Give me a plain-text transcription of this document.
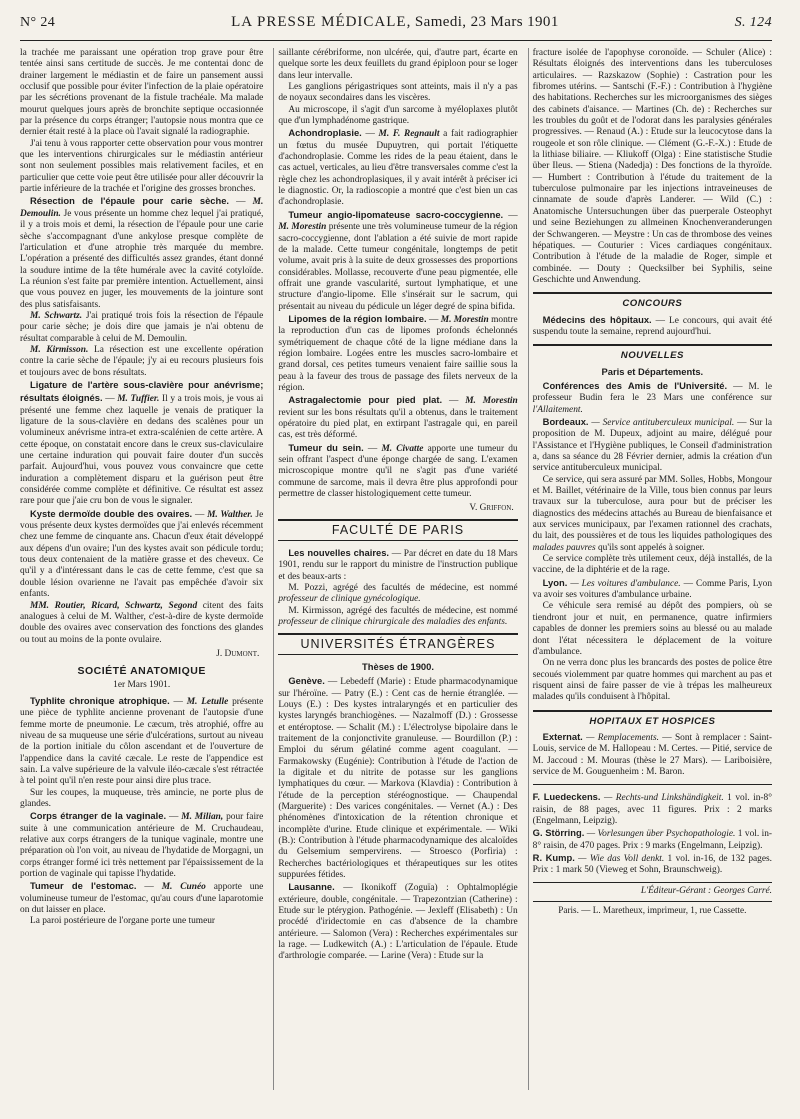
N° 24	LA PRESSE MÉDICALE, Samedi, 23 Mars 1901	S. 124

la trachée me paraissant une opération trop grave pour être tentée ainsi sans certitude de succès. Je me contentai donc de drainer largement le médiastin et de faire un pansement aussi occlusif que possible pour éviter l'infection de la plaie opératoire par les sécrétions provenant de la fistule trachéale. Ma malade mourut quelques jours après de bronchite septique occasionnée par la présence du corps étranger; l'autopsie nous montra que ce dernier était resté à la place où l'avait signalé la radiographie.

J'ai tenu à vous rapporter cette observation pour vous montrer que les interventions chirurgicales sur le médiastin antérieur sont non seulement possibles mais relativement faciles, et en particulier que cette voie peut être utilisée pour aller découvrir la partie inférieure de la trachée et l'origine des grosses bronches.

Résection de l'épaule pour carie sèche. — M. Demoulin. Je vous présente un homme chez lequel j'ai pratiqué, il y a trois mois et demi, la résection de l'épaule pour une carie sèche s'accompagnant d'une ankylose presque complète de l'articulation et d'une atrophie très marquée du membre. L'opération a présenté des difficultés assez grandes, étant donné la soudure intime de la tête humérale avec la cavité cotyloïde. La réunion s'est faite par première intention. Actuellement, ainsi que vous pouvez en juger, les mouvements de la jointure sont des plus satisfaisants.

M. Schwartz. J'ai pratiqué trois fois la résection de l'épaule pour carie sèche; je dois dire que jamais je n'ai obtenu de résultat comparable à celui de M. Demoulin.

M. Kirmisson. La résection est une excellente opération contre la carie sèche de l'épaule; j'y ai eu recours plusieurs fois et toujours avec de bons résultats.

Ligature de l'artère sous-clavière pour anévrisme; résultats éloignés. — M. Tuffier. Il y a trois mois, je vous ai présenté une femme chez laquelle je venais de pratiquer la ligature de la sous-clavière en dedans des scalènes pour un volumineux anévrisme intra-et extra-scalénien de cette artère. A cette époque, on constatait encore dans le creux sus-claviculaire une certaine induration qui pouvait faire douter d'un succès parfait. Aujourd'hui, vous pouvez vous convaincre que cette induration a complètement disparu et la guérison peut être considérée comme complète et définitive. Ce résultat est assez rare pour que j'aie cru bon de vous le signaler.

Kyste dermoïde double des ovaires. — M. Walther. Je vous présente deux kystes dermoïdes que j'ai enlevés récemment chez une femme de cinquante ans. Chacun d'eux était développé aux dépens d'un ovaire; l'un des kystes avait son pédicule tordu; tous deux contenaient de la matière grasse et des cheveux. Ce qu'il y a d'intéressant dans le cas de cette femme, c'est que sa double lésion ovarienne ne l'avait pas empêchée d'avoir six enfants.

MM. Routier, Ricard, Schwartz, Segond citent des faits analogues à celui de M. Walther, c'est-à-dire de kyste dermoïde double des ovaires avec conservation des fonctions des glandes ou tout au moins de la ponte ovulaire.

J. Dumont.
SOCIÉTÉ ANATOMIQUE
1er Mars 1901.

Typhlite chronique atrophique. — M. Letulle présente une pièce de typhlite ancienne provenant de l'autopsie d'une femme morte de pneumonie. Le cæcum, très atrophié, offre au niveau de sa muqueuse une série d'ulcérations, surtout au niveau de la portion initiale du côlon ascendant et de l'ouverture de l'appendice dans la cavité cæcale. Le reste de l'appendice est sain. La valve supérieure de la valvule iléo-cæcale s'est rétractée à tel point qu'il n'en reste pour ainsi dire plus trace.

Sur les coupes, la muqueuse, très amincie, ne porte plus de glandes.

Corps étranger de la vaginale. — M. Milian, pour faire suite à une communication antérieure de M. Cruchaudeau, relative aux corps étrangers de la tunique vaginale, montre une préparation où l'on voit, au niveau de l'hydatide de Morgagni, un corps étranger formé ici très nettement par l'épaississement de la portion de vaginale qui tapisse l'hydatide.

Tumeur de l'estomac. — M. Cunéo apporte une volumineuse tumeur de l'estomac, qu'au cours d'une laparotomie on dut laisser en place.

La paroi postérieure de l'organe porte une tumeur

saillante cérébriforme, non ulcérée, qui, d'autre part, écarte en quelque sorte les deux feuillets du grand épiploon pour se loger dans leur intervalle.

Les ganglions périgastriques sont atteints, mais il n'y a pas de noyaux secondaires dans les viscères.

Au microscope, il s'agit d'un sarcome à myéloplaxes plutôt que d'un lymphadénome gastrique.

Achondroplasie. — M. F. Regnault a fait radiographier un fœtus du musée Dupuytren, qui portait l'étiquette d'achondroplasie. Comme les rides de la peau étaient, dans le cas actuel, verticales, au lieu d'être transversales comme c'est la règle chez les achondroplasiques, il y avait intérêt à préciser ici le diagnostic. Or, la radioscopie a montré que c'est bien un cas d'achondroplasie.

Tumeur angio-lipomateuse sacro-coccygienne. — M. Morestin présente une très volumineuse tumeur de la région sacro-coccygienne, dont l'ablation a été suivie de mort rapide de la malade. Cette tumeur congénitale, longtemps de petit volume, avait pris à la suite de deux grossesses des proportions considérables. Mollasse, recouverte d'une peau pigmentée, elle offrait une grande vascularité, surtout lymphatique, et une structure d'angio-lipome. Elle s'insérait sur le sacrum, qui présentait au niveau du pédicule un léger degré de spina bifida.

Lipomes de la région lombaire. — M. Morestin montre la reproduction d'un cas de lipomes profonds échelonnés symétriquement de chaque côté de la ligne médiane dans la région lombaire. Logées entre les muscles sacro-lombaire et grand dorsal, ces petites tumeurs venaient faire saillie sous la peau à la faveur des trous de passage des filets nerveux de la région.

Astragalectomie pour pied plat. — M. Morestin revient sur les bons résultats qu'il a obtenus, dans le traitement opératoire du pied plat, en extirpant l'astragale qui, en pareil cas, est très déformé.

Tumeur du sein. — M. Civatte apporte une tumeur du sein offrant l'aspect d'une éponge chargée de sang. L'examen microscopique montre qu'il ne s'agit pas d'une variété commune de sarcome, mais il devra être plus approfondi pour permettre de classer histologiquement cette tumeur.

V. Griffon.
FACULTÉ DE PARIS

Les nouvelles chaires. — Par décret en date du 18 Mars 1901, rendu sur le rapport du ministre de l'instruction publique et des beaux-arts :

M. Pozzi, agrégé des facultés de médecine, est nommé professeur de clinique gynécologique.

M. Kirmisson, agrégé des facultés de médecine, est nommé professeur de clinique chirurgicale des maladies des enfants.

UNIVERSITÉS ÉTRANGÈRES
Thèses de 1900.

Genève. — Lebedeff (Marie) : Etude pharmacodynamique sur l'héroïne. — Patry (E.) : Cent cas de hernie étranglée. — Louys (E.) : Des kystes intralaryngés et en particulier des kystes laryngés branchiogènes. — Nazalmoff (D.) : Grossesse et entéroptose. — Schalit (M.) : L'électrolyse bipolaire dans le traitement de la conjonctivite granuleuse. — Bourdillon (P.) : Emploi du sérum gélatiné comme agent coagulant. — Farmakowsky (Eugénie): Contribution à l'étude de l'action de la digitale et du nitrite de potasse sur les ganglions lymphatiques du cœur. — Markova (Klavdia) : Contribution à l'étude de la perception stéréognostique. — Chaupendal (Marguerite) : Des varices congénitales. — Vernet (A.) : Des phénomènes d'intoxication de la rétention chronique et incomplète d'urine. Etude clinique et expérimentale. — Wiki (B.): Contribution à l'étude pharmacodynamique des alcaloïdes du Gelsemium sempervirens. — Stroesco (Porfiria) : Recherches bactériologiques et thérapeutiques sur les otites suppurées fétides.

Lausanne. — Ikonikoff (Zoguïa) : Ophtalmoplégie extérieure, double, congénitale. — Trapezontzian (Catherine) : Etude sur le ptérygion. Pathogénie. — Jexleff (Elisabeth) : Un procédé d'iridectomie en cas d'absence de la chambre antérieure. — Salomon (Vera) : Recherches expérimentales sur la rage. — Ludkewitch (A.) : L'articulation de l'épaule. Etude d'arthrologie comparée. — Larine (Vera) : Etude sur la

fracture isolée de l'apophyse coronoïde. — Schuler (Alice) : Résultats éloignés des interventions dans les tuberculoses articulaires. — Razskazow (Sophie) : Castration pour les fibromes utérins. — Santschi (F.-F.) : Contribution à l'hygiène des habitations. Recherches sur les microorganismes des sièges des cabinets d'aisance. — Martines (Ch. de) : Recherches sur les troubles du goût et de l'odorat dans les paralysies générales progressives. — Renaud (A.) : Etude sur la leucocytose dans la rougeole et son rôle clinique. — Clément (G.-F.-X.) : Etude de la lithiase biliaire. — Kliukoff (Olga) : Eine statistische Studie über Ileus. — Stiena (Nadedja) : Des fonctions de la thyroïde. — Humbert : Contribution à l'étude du traitement de la tuberculose pulmonaire par les injections intraveineuses de cinnamate de soude d'après Landerer. — Wild (C.) : Anatomische Untersuchungen über das puerperale Osteophyt und seine Beziehungen zu allmeinen Knochenveranderungen der Schwangeren. — Meystre : Un cas de thrombose des veines hépatiques. — Couturier : Vices cardiaques congénitaux. Contribution à l'étude de la maladie de Roger, simple et combinée. — Douty : Quecksilber bei Syphilis, seine Geschichte und Anwendung.

CONCOURS

Médecins des hôpitaux. — Le concours, qui avait été suspendu toute la semaine, reprend aujourd'hui.

NOUVELLES
Paris et Départements.

Conférences des Amis de l'Université. — M. le professeur Budin fera le 23 Mars une conférence sur l'Allaitement.

Bordeaux. — Service antituberculeux municipal. — Sur la proposition de M. Dupeux, adjoint au maire, délégué pour l'Assistance et l'Hygiène publiques, le Conseil d'administration a, dans sa séance du 28 Février dernier, admis la création d'un service antituberculeux municipal.

Ce service, qui sera assuré par MM. Solles, Hobbs, Mongour et M. Baillet, vétérinaire de la Ville, tous bien connus par leurs travaux sur la tuberculose, aura pour but de préciser les diagnostics des médecins attachés au Bureau de bienfaisance et aux services municipaux, par l'examen rationnel des crachats, du lait, des poussières et de tous les liquides pathologiques des malades pauvres qu'ils sont appelés à soigner.

Ce service complète très utilement ceux, déjà installés, de la vaccine, de la diphtérie et de la rage.

Lyon. — Les voitures d'ambulance. — Comme Paris, Lyon va avoir ses voitures d'ambulance urbaine.

Ce véhicule sera remisé au dépôt des pompiers, où se tiendront jour et nuit, en permanence, quatre infirmiers capables de donner les premiers soins au blessé ou au malade dont l'état nécessitera le déplacement de la voiture d'ambulance.

On ne verra donc plus les brancards des postes de police être secoués violemment par quatre hommes qui marchent au pas et risquent ainsi de faire passer de vie à trépas les malheureux malades qu'ils conduisent à l'hôpital.

HOPITAUX ET HOSPICES

Externat. — Remplacements. — Sont à remplacer : Saint-Louis, service de M. Hallopeau : M. Certes. — Pitié, service de M. Jaccoud : M. Mouras (thèse le 27 Mars). — Lariboisière, service de M. Gouguenheim : M. Baron.

F. Luedeckens. — Rechts-und Linkshändigkeit. 1 vol. in-8° raisin, de 88 pages, avec 11 figures. Prix : 2 marks (Engelmann, Leipzig).

G. Störring. — Vorlesungen über Psychopathologie. 1 vol. in-8° raisin, de 470 pages. Prix : 9 marks (Engelmann, Leipzig).

R. Kump. — Wie das Voll denkt. 1 vol. in-16, de 132 pages. Prix : 1 mark 50 (Vieweg et Sohn, Braunschweig).

L'Éditeur-Gérant : Georges Carré.
Paris. — L. Maretheux, imprimeur, 1, rue Cassette.
